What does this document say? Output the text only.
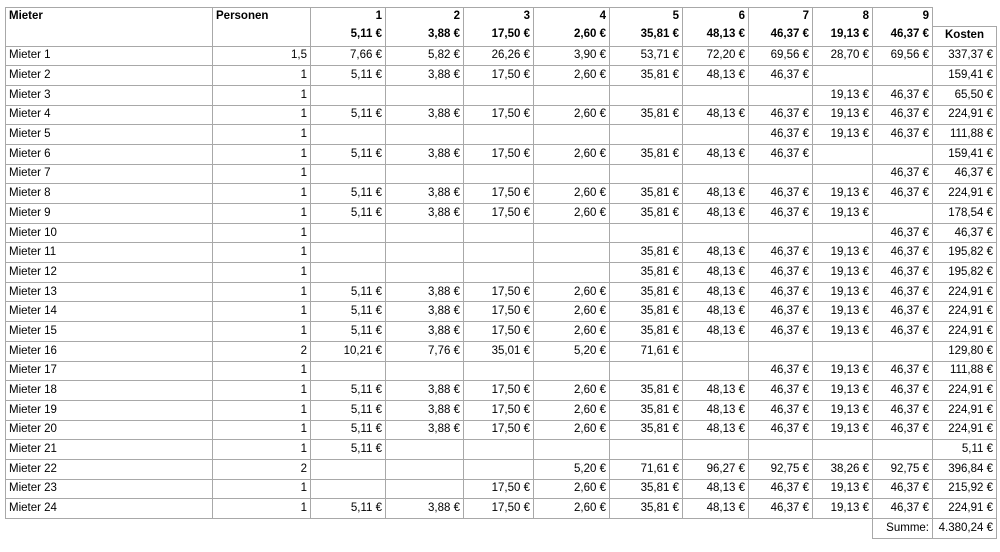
Mieter	Personen	1	2	3	4	5	6	7	8	9	
		5,11 €	3,88 €	17,50 €	2,60 €	35,81 €	48,13 €	46,37 €	19,13 €	46,37 €	Kosten
Mieter 1	1,5	7,66 €	5,82 €	26,26 €	3,90 €	53,71 €	72,20 €	69,56 €	28,70 €	69,56 €	337,37 €
Mieter 2	1	5,11 €	3,88 €	17,50 €	2,60 €	35,81 €	48,13 €	46,37 €			159,41 €
Mieter 3	1								19,13 €	46,37 €	65,50 €
Mieter 4	1	5,11 €	3,88 €	17,50 €	2,60 €	35,81 €	48,13 €	46,37 €	19,13 €	46,37 €	224,91 €
Mieter 5	1							46,37 €	19,13 €	46,37 €	111,88 €
Mieter 6	1	5,11 €	3,88 €	17,50 €	2,60 €	35,81 €	48,13 €	46,37 €			159,41 €
Mieter 7	1									46,37 €	46,37 €
Mieter 8	1	5,11 €	3,88 €	17,50 €	2,60 €	35,81 €	48,13 €	46,37 €	19,13 €	46,37 €	224,91 €
Mieter 9	1	5,11 €	3,88 €	17,50 €	2,60 €	35,81 €	48,13 €	46,37 €	19,13 €		178,54 €
Mieter 10	1									46,37 €	46,37 €
Mieter 11	1					35,81 €	48,13 €	46,37 €	19,13 €	46,37 €	195,82 €
Mieter 12	1					35,81 €	48,13 €	46,37 €	19,13 €	46,37 €	195,82 €
Mieter 13	1	5,11 €	3,88 €	17,50 €	2,60 €	35,81 €	48,13 €	46,37 €	19,13 €	46,37 €	224,91 €
Mieter 14	1	5,11 €	3,88 €	17,50 €	2,60 €	35,81 €	48,13 €	46,37 €	19,13 €	46,37 €	224,91 €
Mieter 15	1	5,11 €	3,88 €	17,50 €	2,60 €	35,81 €	48,13 €	46,37 €	19,13 €	46,37 €	224,91 €
Mieter 16	2	10,21 €	7,76 €	35,01 €	5,20 €	71,61 €					129,80 €
Mieter 17	1							46,37 €	19,13 €	46,37 €	111,88 €
Mieter 18	1	5,11 €	3,88 €	17,50 €	2,60 €	35,81 €	48,13 €	46,37 €	19,13 €	46,37 €	224,91 €
Mieter 19	1	5,11 €	3,88 €	17,50 €	2,60 €	35,81 €	48,13 €	46,37 €	19,13 €	46,37 €	224,91 €
Mieter 20	1	5,11 €	3,88 €	17,50 €	2,60 €	35,81 €	48,13 €	46,37 €	19,13 €	46,37 €	224,91 €
Mieter 21	1	5,11 €									5,11 €
Mieter 22	2				5,20 €	71,61 €	96,27 €	92,75 €	38,26 €	92,75 €	396,84 €
Mieter 23	1			17,50 €	2,60 €	35,81 €	48,13 €	46,37 €	19,13 €	46,37 €	215,92 €
Mieter 24	1	5,11 €	3,88 €	17,50 €	2,60 €	35,81 €	48,13 €	46,37 €	19,13 €	46,37 €	224,91 €
										Summe:	4.380,24 €
